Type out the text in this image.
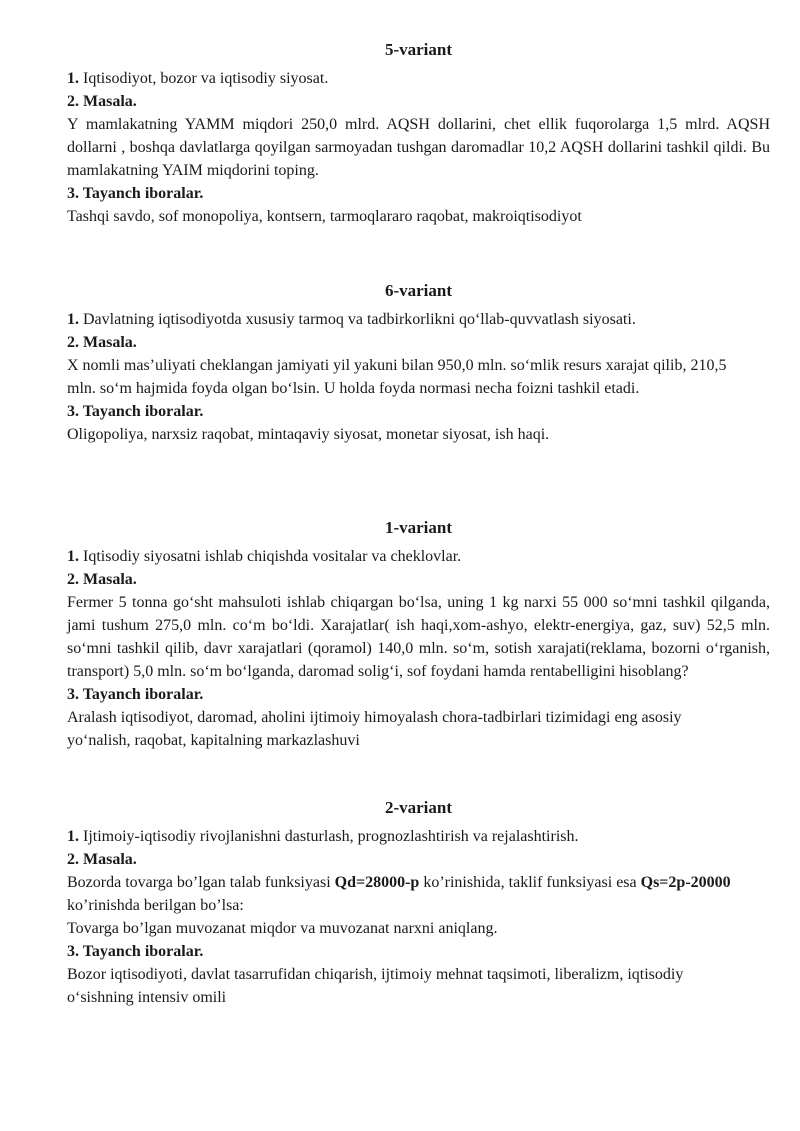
5-variant

1. Iqtisodiyot, bozor va iqtisodiy siyosat.

2. Masala.

Y mamlakatning YAMM miqdori 250,0 mlrd. AQSH dollarini, chet ellik fuqorolarga 1,5 mlrd. AQSH dollarni , boshqa davlatlarga qoyilgan sarmoyadan tushgan daromadlar 10,2 AQSH dollarini tashkil qildi. Bu mamlakatning YAIM miqdorini toping.

3. Tayanch iboralar.

Tashqi savdo, sof monopoliya, kontsern, tarmoqlararo raqobat, makroiqtisodiyot

6-variant

1. Davlatning iqtisodiyotda xususiy tarmoq va tadbirkorlikni qo‘llab-quvvatlash siyosati.

2. Masala.

X nomli mas’uliyati cheklangan jamiyati yil yakuni bilan 950,0 mln. so‘mlik resurs xarajat qilib, 210,5 mln. so‘m hajmida foyda olgan bo‘lsin. U holda foyda normasi necha foizni tashkil etadi.

3. Tayanch iboralar.

Oligopoliya, narxsiz raqobat, mintaqaviy siyosat, monetar siyosat, ish haqi.

1-variant

1. Iqtisodiy siyosatni ishlab chiqishda vositalar va cheklovlar.

2. Masala.

Fermer 5 tonna go‘sht mahsuloti ishlab chiqargan bo‘lsa, uning 1 kg narxi 55 000 so‘mni tashkil qilganda, jami tushum 275,0 mln. co‘m bo‘ldi. Xarajatlar( ish haqi,xom-ashyo, elektr-energiya, gaz, suv) 52,5 mln. so‘mni tashkil qilib, davr xarajatlari (qoramol) 140,0 mln. so‘m, sotish xarajati(reklama, bozorni o‘rganish, transport) 5,0 mln. so‘m bo‘lganda, daromad solig‘i, sof foydani hamda rentabelligini hisoblang?

3. Tayanch iboralar.

Aralash iqtisodiyot, daromad, aholini ijtimoiy himoyalash chora-tadbirlari tizimidagi eng asosiy yo‘nalish, raqobat, kapitalning markazlashuvi

2-variant

1. Ijtimoiy-iqtisodiy rivojlanishni dasturlash, prognozlashtirish va rejalashtirish.

2. Masala.

Bozorda tovarga bo’lgan talab funksiyasi Qd=28000-p ko’rinishida, taklif funksiyasi esa Qs=2p-20000 ko’rinishda berilgan bo’lsa:

Tovarga bo’lgan muvozanat miqdor va muvozanat narxni aniqlang.

3. Tayanch iboralar.

Bozor iqtisodiyoti, davlat tasarrufidan chiqarish, ijtimoiy mehnat taqsimoti, liberalizm, iqtisodiy o‘sishning intensiv omili
